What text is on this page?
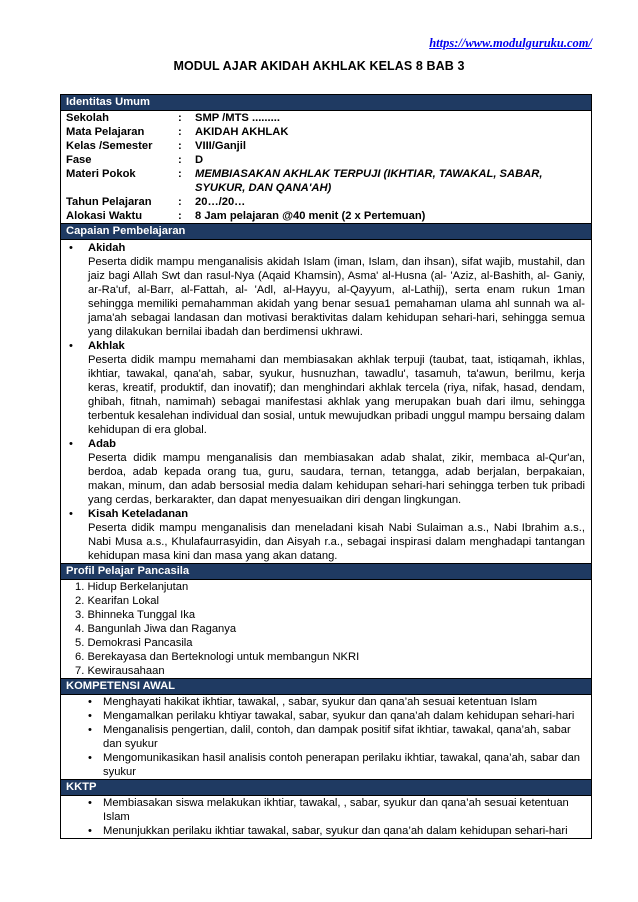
https://www.modulguruku.com/
MODUL AJAR AKIDAH AKHLAK KELAS 8 BAB 3
Identitas Umum
Sekolah	:	SMP /MTS .........
Mata Pelajaran	:	AKIDAH AKHLAK
Kelas /Semester	:	VIII/Ganjil
Fase	:	D
Materi Pokok	:	MEMBIASAKAN AKHLAK TERPUJI (IKHTIAR, TAWAKAL, SABAR, SYUKUR, DAN QANA'AH)
Tahun Pelajaran	:	20…/20…
Alokasi Waktu	:	8 Jam pelajaran @40 menit (2 x Pertemuan)
Capaian Pembelajaran
• Akidah
Peserta didik mampu menganalisis akidah Islam (iman, Islam, dan ihsan), sifat wajib, mustahil, dan jaiz bagi Allah Swt dan rasul-Nya (Aqaid Khamsin), Asma' al-Husna (al- 'Aziz, al-Bashith, al- Ganiy, ar-Ra'uf, al-Barr, al-Fattah, al- 'Adl, al-Hayyu, al-Qayyum, al-Lathij), serta enam rukun 1man sehingga memiliki pemahamman akidah yang benar sesua1 pemahaman ulama ahl sunnah wa al-jama'ah sebagai landasan dan motivasi beraktivitas dalam kehidupan sehari-hari, sehingga semua yang dilakukan bernilai ibadah dan berdimensi ukhrawi.
• Akhlak
Peserta didik mampu memahami dan membiasakan akhlak terpuji (taubat, taat, istiqamah, ikhlas, ikhtiar, tawakal, qana'ah, sabar, syukur, husnuzhan, tawadlu', tasamuh, ta'awun, berilmu, kerja keras, kreatif, produktif, dan inovatif); dan menghindari akhlak tercela (riya, nifak, hasad, dendam, ghibah, fitnah, namimah) sebagai manifestasi akhlak yang merupakan buah dari ilmu, sehingga terbentuk kesalehan individual dan sosial, untuk mewujudkan pribadi unggul mampu bersaing dalam kehidupan di era global.
• Adab
Peserta didik mampu menganalisis dan membiasakan adab shalat, zikir, membaca al-Qur'an, berdoa, adab kepada orang tua, guru, saudara, ternan, tetangga, adab berjalan, berpakaian, makan, minum, dan adab bersosial media dalam kehidupan sehari-hari sehingga terben tuk pribadi yang cerdas, berkarakter, dan dapat menyesuaikan diri dengan lingkungan.
• Kisah Keteladanan
Peserta didik mampu menganalisis dan meneladani kisah Nabi Sulaiman a.s., Nabi Ibrahim a.s., Nabi Musa a.s., Khulafaurrasyidin, dan Aisyah r.a., sebagai inspirasi dalam menghadapi tantangan kehidupan masa kini dan masa yang akan datang.
Profil Pelajar Pancasila
1. Hidup Berkelanjutan
2. Kearifan Lokal
3. Bhinneka Tunggal Ika
4. Bangunlah Jiwa dan Raganya
5. Demokrasi Pancasila
6. Berekayasa dan Berteknologi untuk membangun NKRI
7. Kewirausahaan
KOMPETENSI AWAL
• Menghayati hakikat ikhtiar, tawakal, , sabar, syukur dan qana’ah sesuai ketentuan Islam
• Mengamalkan perilaku khtiyar tawakal, sabar, syukur dan qana’ah dalam kehidupan sehari-hari
• Menganalisis pengertian, dalil, contoh, dan dampak positif sifat ikhtiar, tawakal, qana’ah, sabar dan syukur
• Mengomunikasikan hasil analisis contoh penerapan perilaku ikhtiar, tawakal, qana’ah, sabar dan syukur
KKTP
• Membiasakan siswa melakukan ikhtiar, tawakal, , sabar, syukur dan qana’ah sesuai ketentuan Islam
• Menunjukkan perilaku ikhtiar tawakal, sabar, syukur dan qana’ah dalam kehidupan sehari-hari
